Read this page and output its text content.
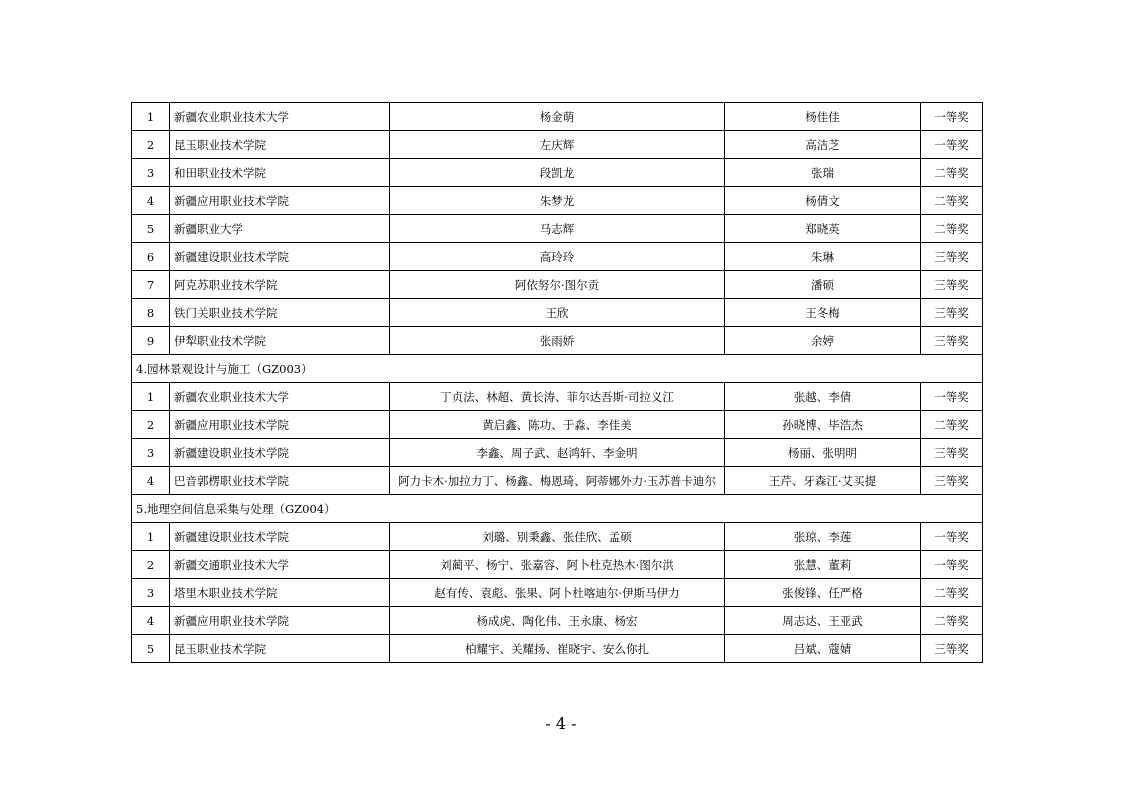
1	新疆农业职业技术大学	杨金萌	杨佳佳	一等奖
2	昆玉职业技术学院	左庆辉	高洁芝	一等奖
3	和田职业技术学院	段凯龙	张瑞	二等奖
4	新疆应用职业技术学院	朱梦龙	杨倩文	二等奖
5	新疆职业大学	马志辉	郑晓英	二等奖
6	新疆建设职业技术学院	高玲玲	朱琳	三等奖
7	阿克苏职业技术学院	阿依努尔·图尔贡	潘硕	三等奖
8	铁门关职业技术学院	王欣	王冬梅	三等奖
9	伊犁职业技术学院	张雨娇	余婷	三等奖
4.园林景观设计与施工（GZ003）				
1	新疆农业职业技术大学	丁贞法、林超、黄长涛、菲尔达吾斯·司拉义江	张越、李倩	一等奖
2	新疆应用职业技术学院	黄启鑫、陈功、于淼、李佳美	孙晓博、毕浩杰	二等奖
3	新疆建设职业技术学院	李鑫、周子武、赵鸿轩、李金明	杨丽、张明明	三等奖
4	巴音郭楞职业技术学院	阿力卡木·加拉力丁、杨鑫、梅恩琦、阿蒂娜外力·玉苏普卡迪尔	王芹、牙森江·艾买提	三等奖
5.地理空间信息采集与处理（GZ004）				
1	新疆建设职业技术学院	刘璐、别秉鑫、张佳欣、孟硕	张琼、李莲	一等奖
2	新疆交通职业技术大学	刘蔺平、杨宁、张嘉容、阿卜杜克热木·图尔洪	张慧、董莉	一等奖
3	塔里木职业技术学院	赵有传、袁彪、张果、阿卜杜喀迪尔·伊斯马伊力	张俊锋、任严格	二等奖
4	新疆应用职业技术学院	杨成虎、陶化伟、王永康、杨宏	周志达、王亚武	二等奖
5	昆玉职业技术学院	柏耀宇、关耀扬、崔晓宇、安么你扎	吕斌、蔻婧	三等奖
- 4 -
